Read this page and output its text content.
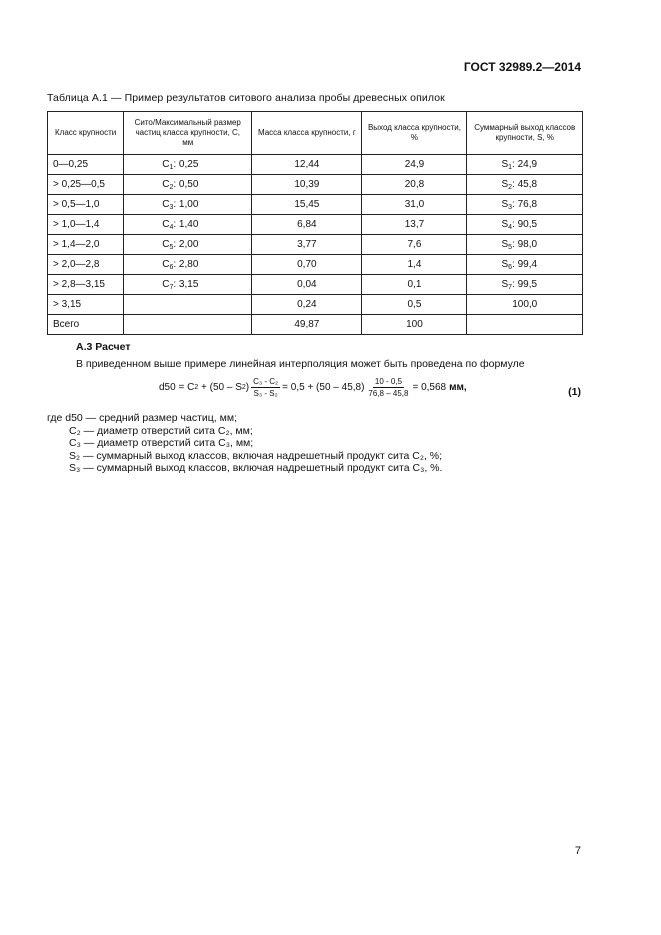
ГОСТ 32989.2—2014
Таблица А.1 — Пример результатов ситового анализа пробы древесных опилок
Класс крупности	Сито/Максимальный размер частиц класса крупности, С, мм	Масса класса крупности, г	Выход класса крупности, %	Суммарный выход классов крупности, S, %
0—0,25	$C_1$: 0,25	12,44	24,9	$S_1$: 24,9
> 0,25—0,5	$C_2$: 0,50	10,39	20,8	$S_2$: 45,8
> 0,5—1,0	$C_3$: 1,00	15,45	31,0	$S_3$: 76,8
> 1,0—1,4	$C_4$: 1,40	6,84	13,7	$S_4$: 90,5
> 1,4—2,0	$C_5$: 2,00	3,77	7,6	$S_5$: 98,0
> 2,0—2,8	$C_6$: 2,80	0,70	1,4	$S_6$: 99,4
> 2,8—3,15	$C_7$: 3,15	0,04	0,1	$S_7$: 99,5
> 3,15		0,24	0,5	100,0
Всего		49,87	100	
А.3 Расчет
В приведенном выше примере линейная интерполяция может быть проведена по формуле
d50 = C 2
+ (50 – S 2 ) $\frac{\text{C₃ - C₂}}{\text{S₃ - S₂}} = 0,5 + (50 - 45,8) \frac{10 - 0,5}{76,8 - 45,8} = 0,568$ мм,	(1)
где d50 — средний размер частиц, мм;
C₂ — диаметр отверстий сита C₂, мм;
C₃ — диаметр отверстий сита C₃, мм;
S₂ — суммарный выход классов, включая надрешетный продукт сита C₂, %;
S₃ — суммарный выход классов, включая надрешетный продукт сита C₃, %.
7
